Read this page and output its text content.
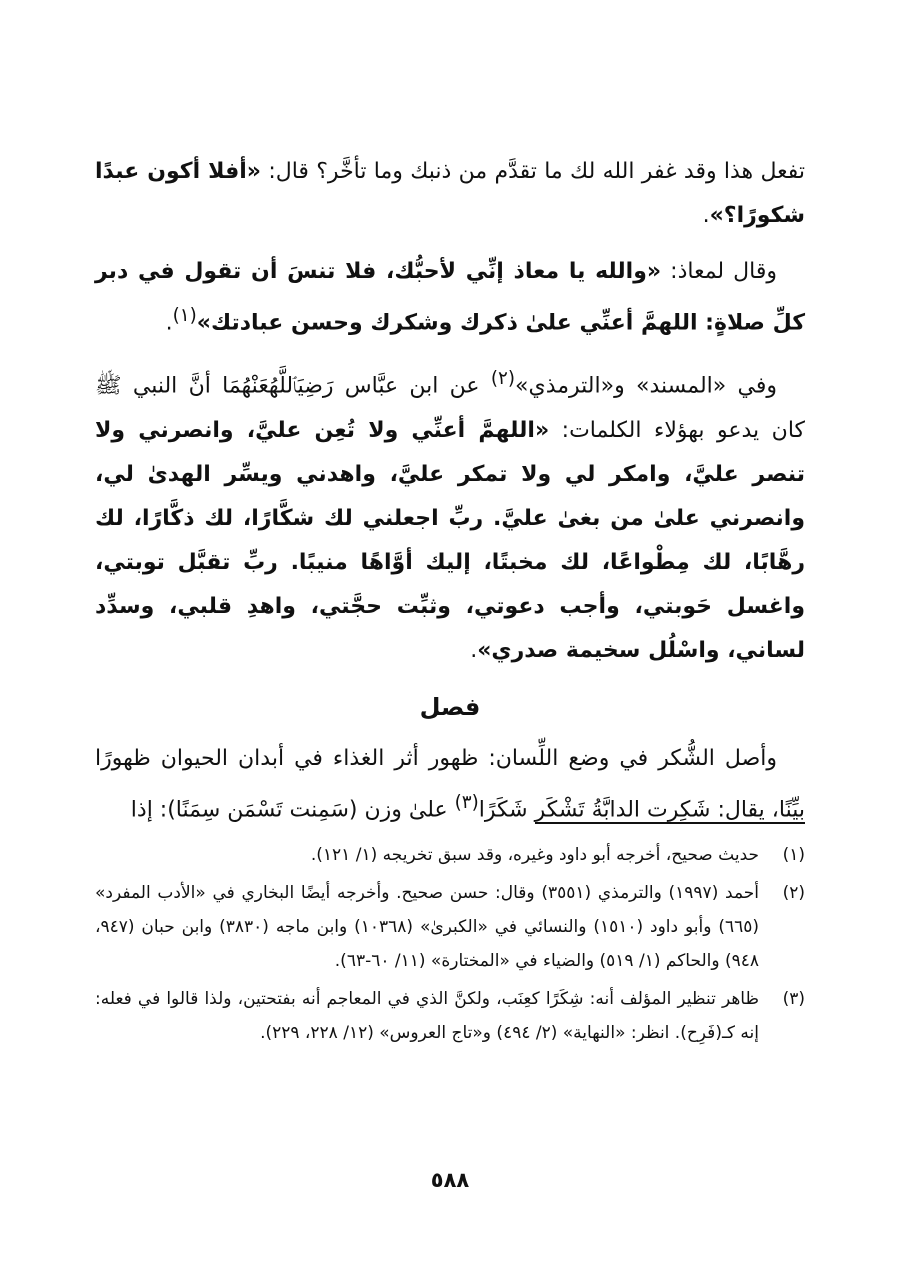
تفعل هذا وقد غفر الله لك ما تقدَّم من ذنبك وما تأخَّر؟ قال: «أفلا أكون عبدًا شكورًا؟».

وقال لمعاذ: «والله يا معاذ إنِّي لأحبُّك، فلا تنسَ أن تقول في دبر كلِّ صلاةٍ: اللهمَّ أعنِّي علىٰ ذكرك وشكرك وحسن عبادتك»$^{(١)}$.

وفي «المسند» و«الترمذي»$^{(٢)}$ عن ابن عبَّاس رَضِيَٱللَّهُعَنْهُمَا أنَّ النبي ﷺ كان يدعو بهؤلاء الكلمات: «اللهمَّ أعنِّي ولا تُعِن عليَّ، وانصرني ولا تنصر عليَّ، وامكر لي ولا تمكر عليَّ، واهدني ويسِّر الهدىٰ لي، وانصرني علىٰ من بغىٰ عليَّ. ربِّ اجعلني لك شكَّارًا، لك ذكَّارًا، لك رهَّابًا، لك مِطْواعًا، لك مخبتًا، إليك أوَّاهًا منيبًا. ربِّ تقبَّل توبتي، واغسل حَوبتي، وأجب دعوتي، وثبِّت حجَّتي، واهدِ قلبي، وسدِّد لساني، واسْلُل سخيمة صدري».

فصل

وأصل الشُّكر في وضع اللِّسان: ظهور أثر الغذاء في أبدان الحيوان ظهورًا بيِّنًا، يقال: شَكِرت الدابَّةُ تَشْكَر شَكَرًا$^{(٣)}$ علىٰ وزن (سَمِنت تَسْمَن سِمَنًا): إذا

(١)
حديث صحيح، أخرجه أبو داود وغيره، وقد سبق تخريجه (١/ ١٢١).
(٢)
أحمد (١٩٩٧) والترمذي (٣٥٥١) وقال: حسن صحيح. وأخرجه أيضًا البخاري في «الأدب المفرد» (٦٦٥) وأبو داود (١٥١٠) والنسائي في «الكبرىٰ» (١٠٣٦٨) وابن ماجه (٣٨٣٠) وابن حبان (٩٤٧، ٩٤٨) والحاكم (١/ ٥١٩) والضياء في «المختارة» (١١/ ٦٠-٦٣).
(٣)
ظاهر تنظير المؤلف أنه: شِكَرًا كعِنَب، ولكنَّ الذي في المعاجم أنه بفتحتين، ولذا قالوا في فعله: إنه كـ(فَرِح). انظر: «النهاية» (٢/ ٤٩٤) و«تاج العروس» (١٢/ ٢٢٨، ٢٢٩).
٥٨٨
